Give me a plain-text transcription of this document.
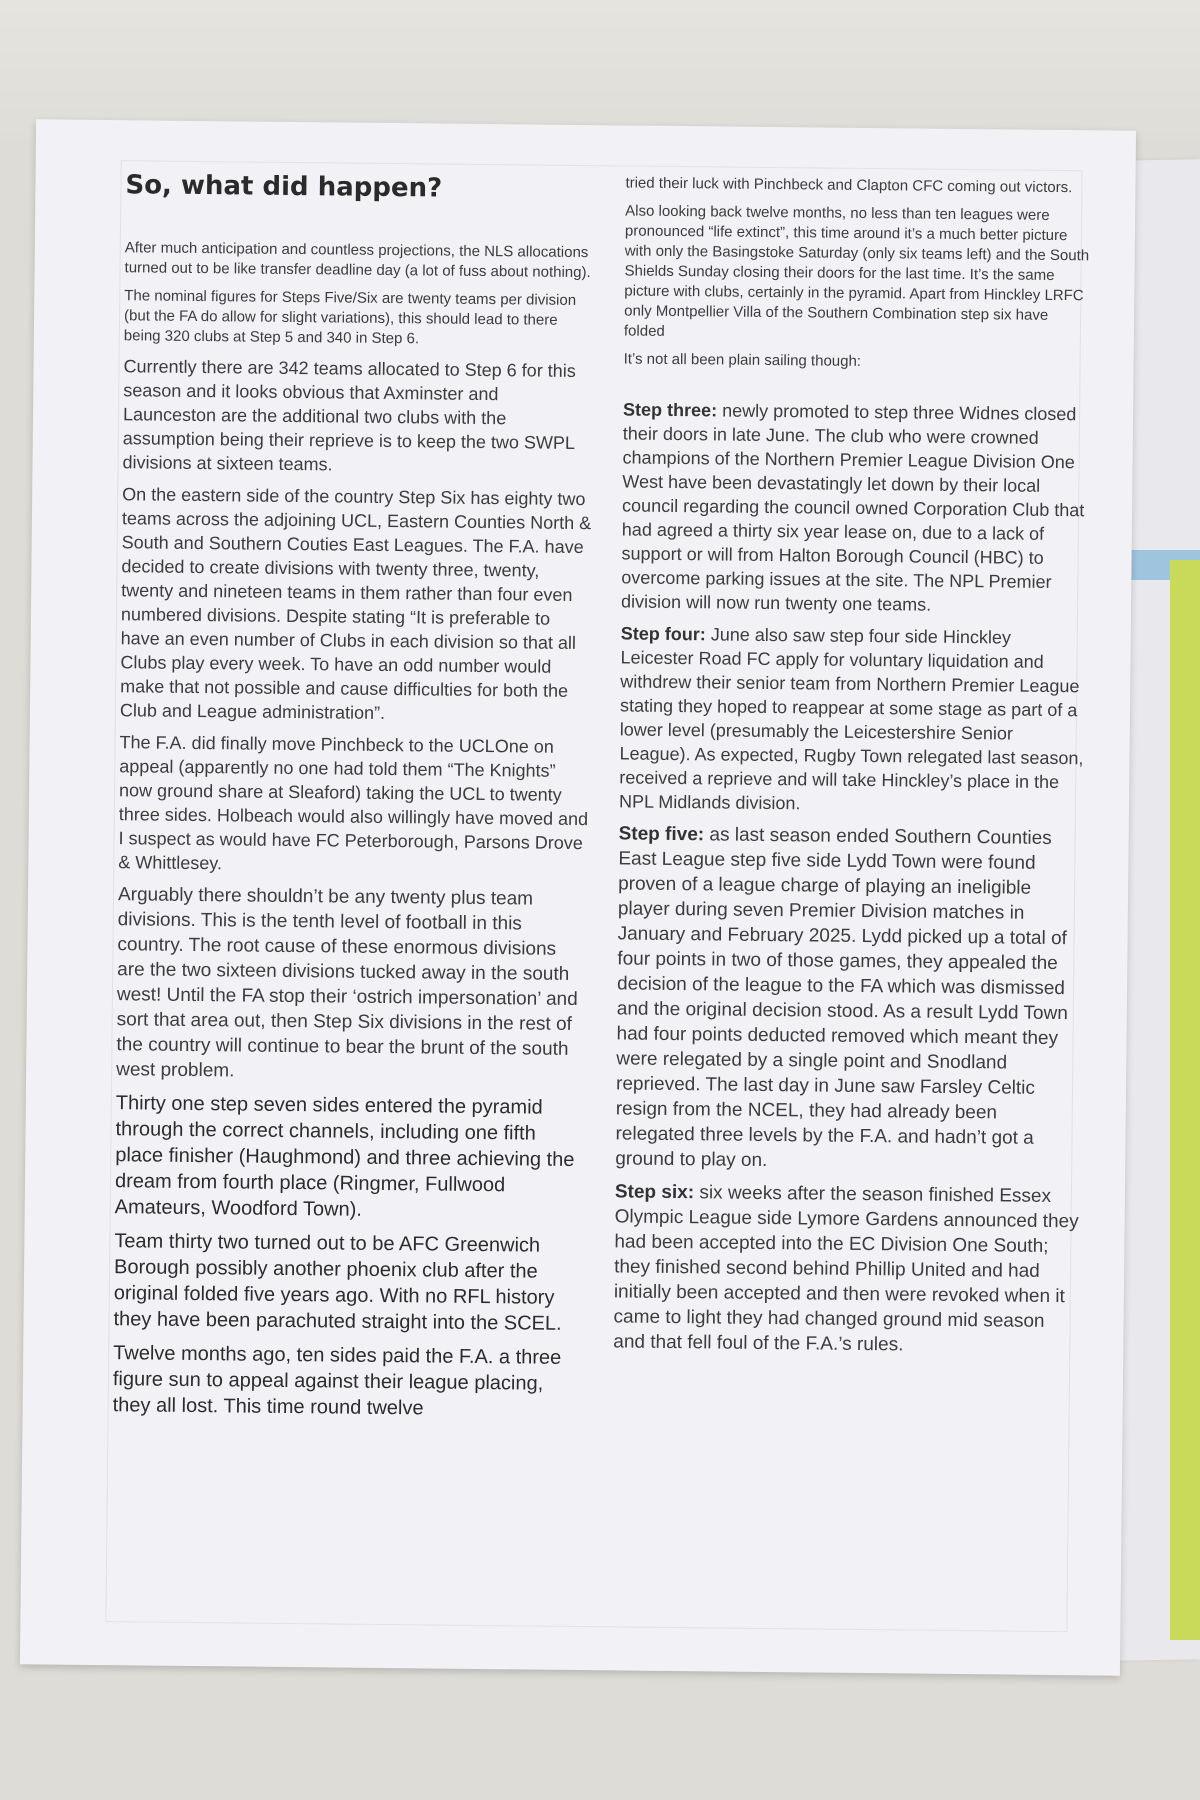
So, what did happen?

After much anticipation and countless projections, the NLS allocations turned out to be like transfer deadline day (a lot of fuss about nothing).

The nominal figures for Steps Five/Six are twenty teams per division (but the FA do allow for slight variations), this should lead to there being 320 clubs at Step 5 and 340 in Step 6.

Currently there are 342 teams allocated to Step 6 for this season and it looks obvious that Axminster and Launceston are the additional two clubs with the assumption being their reprieve is to keep the two SWPL divisions at sixteen teams.

On the eastern side of the country Step Six has eighty two teams across the adjoining UCL, Eastern Counties North & South and Southern Couties East Leagues. The F.A. have decided to create divisions with twenty three, twenty, twenty and nineteen teams in them rather than four even numbered divisions. Despite stating “It is preferable to have an even number of Clubs in each division so that all Clubs play every week. To have an odd number would make that not possible and cause difficulties for both the Club and League administration”.

The F.A. did finally move Pinchbeck to the UCLOne on appeal (apparently no one had told them “The Knights” now ground share at Sleaford) taking the UCL to twenty three sides. Holbeach would also willingly have moved and I suspect as would have FC Peterborough, Parsons Drove & Whittlesey.

Arguably there shouldn’t be any twenty plus team divisions. This is the tenth level of football in this country. The root cause of these enormous divisions are the two sixteen divisions tucked away in the south west! Until the FA stop their ‘ostrich impersonation’ and sort that area out, then Step Six divisions in the rest of the country will continue to bear the brunt of the south west problem.

Thirty one step seven sides entered the pyramid through the correct channels, including one fifth place finisher (Haughmond) and three achieving the dream from fourth place (Ringmer, Fullwood Amateurs, Woodford Town).

Team thirty two turned out to be AFC Greenwich Borough possibly another phoenix club after the original folded five years ago. With no RFL history they have been parachuted straight into the SCEL.

Twelve months ago, ten sides paid the F.A. a three figure sun to appeal against their league placing, they all lost. This time round twelve

tried their luck with Pinchbeck and Clapton CFC coming out victors.

Also looking back twelve months, no less than ten leagues were pronounced “life extinct”, this time around it’s a much better picture with only the Basingstoke Saturday (only six teams left) and the South Shields Sunday closing their doors for the last time. It’s the same picture with clubs, certainly in the pyramid. Apart from Hinckley LRFC only Montpellier Villa of the Southern Combination step six have folded

It’s not all been plain sailing though:

Step three: newly promoted to step three Widnes closed their doors in late June. The club who were crowned champions of the Northern Premier League Division One West have been devastatingly let down by their local council regarding the council owned Corporation Club that had agreed a thirty six year lease on, due to a lack of support or will from Halton Borough Council (HBC) to overcome parking issues at the site. The NPL Premier division will now run twenty one teams.

Step four: June also saw step four side Hinckley Leicester Road FC apply for voluntary liquidation and withdrew their senior team from Northern Premier League stating they hoped to reappear at some stage as part of a lower level (presumably the Leicestershire Senior League). As expected, Rugby Town relegated last season, received a reprieve and will take Hinckley’s place in the NPL Midlands division.

Step five: as last season ended Southern Counties East League step five side Lydd Town were found proven of a league charge of playing an ineligible player during seven Premier Division matches in January and February 2025. Lydd picked up a total of four points in two of those games, they appealed the decision of the league to the FA which was dismissed and the original decision stood. As a result Lydd Town had four points deducted removed which meant they were relegated by a single point and Snodland reprieved. The last day in June saw Farsley Celtic resign from the NCEL, they had already been relegated three levels by the F.A. and hadn’t got a ground to play on.

Step six: six weeks after the season finished Essex Olympic League side Lymore Gardens announced they had been accepted into the EC Division One South; they finished second behind Phillip United and had initially been accepted and then were revoked when it came to light they had changed ground mid season and that fell foul of the F.A.’s rules.
